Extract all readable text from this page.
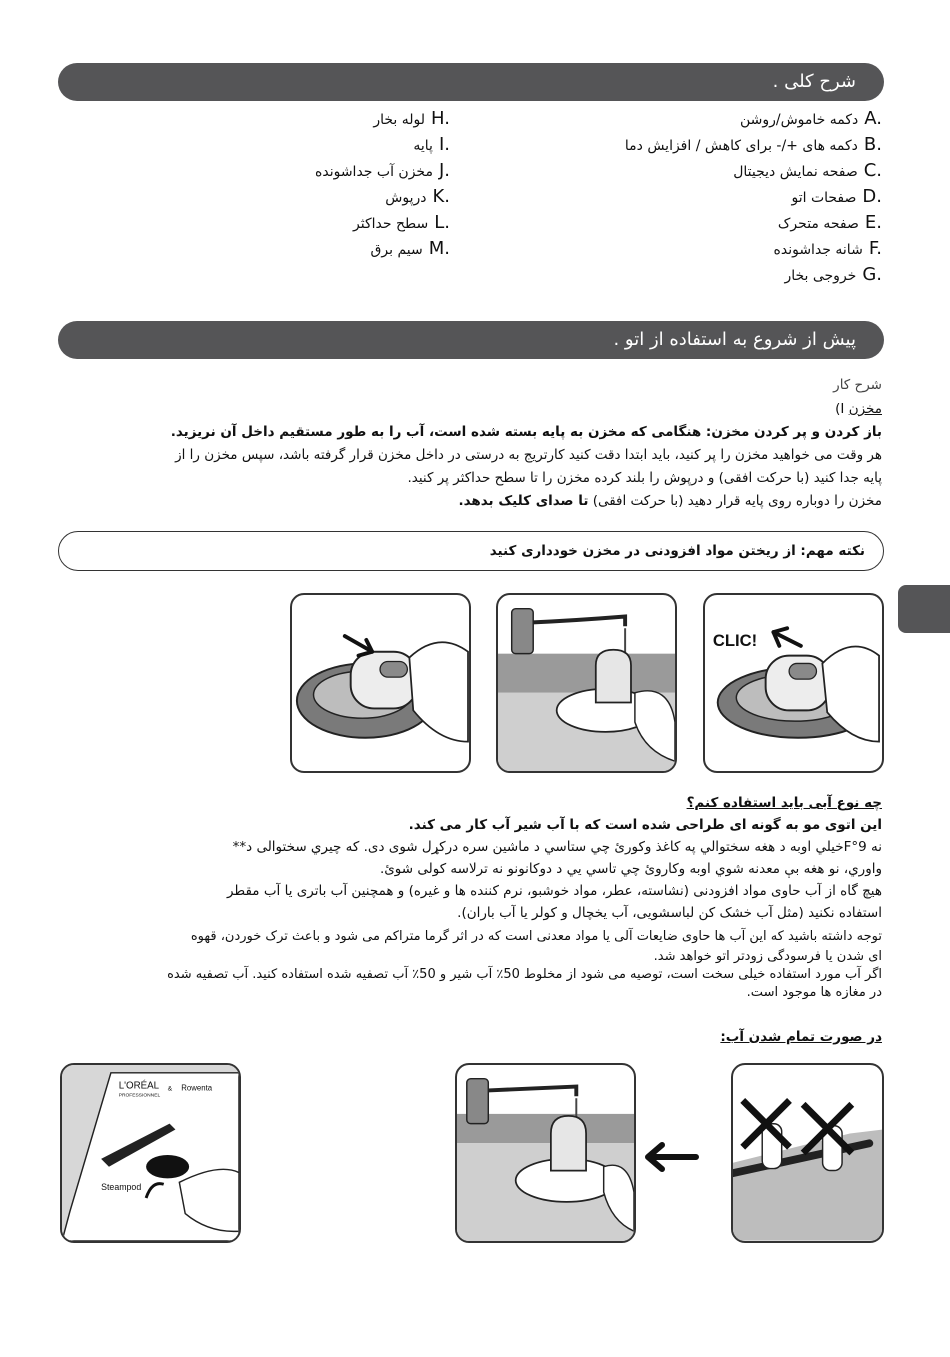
شرح کلی .
دکمه خاموش/روشن A.
دکمه های +/- برای کاهش / افزایش دما B.
صفحه نمایش دیجیتال C.
صفحات اتو D.
صفحه متحرک E.
شانه جداشونده F.
خروجی بخار G.
لوله بخار H.
پایه I.
مخزن آب جداشونده J.
درپوش K.
سطح حداکثر L.
سیم برق M.
پیش از شروع به استفاده از اتو .
شرح کار
مخزن I)
باز کردن و پر کردن مخزن: هنگامی که مخزن به پایه بسته شده است، آب را به طور مستقیم داخل آن نریزید.
هر وقت می خواهید مخزن را پر کنید، باید ابتدا دقت کنید کارتریج به درستی در داخل مخزن قرار گرفته باشد، سپس مخزن را از
پایه جدا کنید (با حرکت افقی) و درپوش را بلند کرده مخزن را تا سطح حداکثر پر کنید.
مخزن را دوباره روی پایه قرار دهید (با حرکت افقی) تا صدای کلیک بدهد.
نکته مهم: از ریختن مواد افزودنی در مخزن خودداری کنید
CLIC!
چه نوع آبی باید استفاده کنم؟
این اتوی مو به گونه ای طراحی شده است که با آب شیر آب کار می کند.
نه 9°Fخیلي اوبه د هغه سختوالي په کاغذ وکورئ چي ستاسي د ماشین سره درکړل شوی دی. که چیري سختوالی د**
واوري، نو هغه بې معدنه شوي اوبه وکاروئ چي تاسي یي د دوکانونو نه ترلاسه کولی شوئ.
هیچ گاه از آب حاوی مواد افزودنی (نشاسته، عطر، مواد خوشبو، نرم کننده ها و غیره) و همچنین آب باتری یا آب مقطر
استفاده نکنید (مثل آب خشک کن لباسشویی، آب یخچال و کولر یا آب باران).
توجه داشته باشید که این آب ها حاوی ضایعات آلی یا مواد معدنی است که در اثر گرما متراکم می شود و باعث ترک خوردن، قهوه
ای شدن یا فرسودگی زودتر اتو خواهد شد.
اگر آب مورد استفاده خیلی سخت است، توصیه می شود از مخلوط 50٪ آب شیر و 50٪ آب تصفیه شده استفاده کنید. آب تصفیه شده
در مغازه ها موجود است.
در صورت تمام شدن آب:
L'ORÉAL
PROFESSIONNEL
& Rowenta
Steampod
